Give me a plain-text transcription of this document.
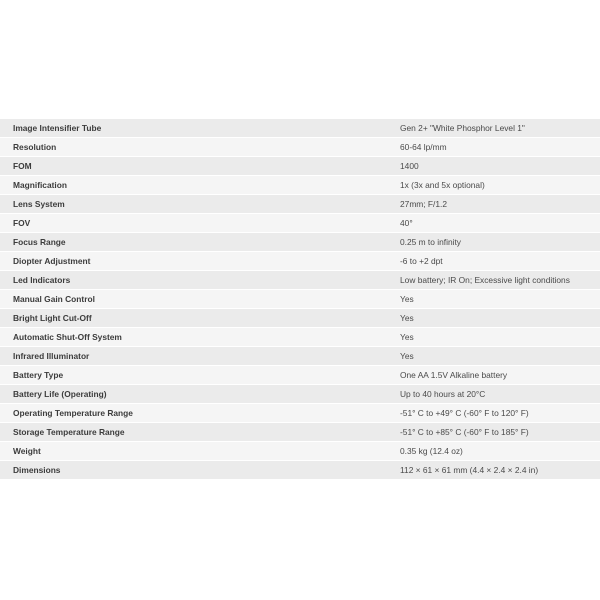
Image Intensifier Tube	Gen 2+ "White Phosphor Level 1"
Resolution	60-64 lp/mm
FOM	1400
Magnification	1x (3x and 5x optional)
Lens System	27mm; F/1.2
FOV	40°
Focus Range	0.25 m to infinity
Diopter Adjustment	-6 to +2 dpt
Led Indicators	Low battery; IR On; Excessive light conditions
Manual Gain Control	Yes
Bright Light Cut-Off	Yes
Automatic Shut-Off System	Yes
Infrared Illuminator	Yes
Battery Type	One AA 1.5V Alkaline battery
Battery Life (Operating)	Up to 40 hours at 20°C
Operating Temperature Range	-51° C to +49° C (-60° F to 120° F)
Storage Temperature Range	-51° C to +85° C (-60° F to 185° F)
Weight	0.35 kg (12.4 oz)
Dimensions	112 × 61 × 61 mm (4.4 × 2.4 × 2.4 in)
